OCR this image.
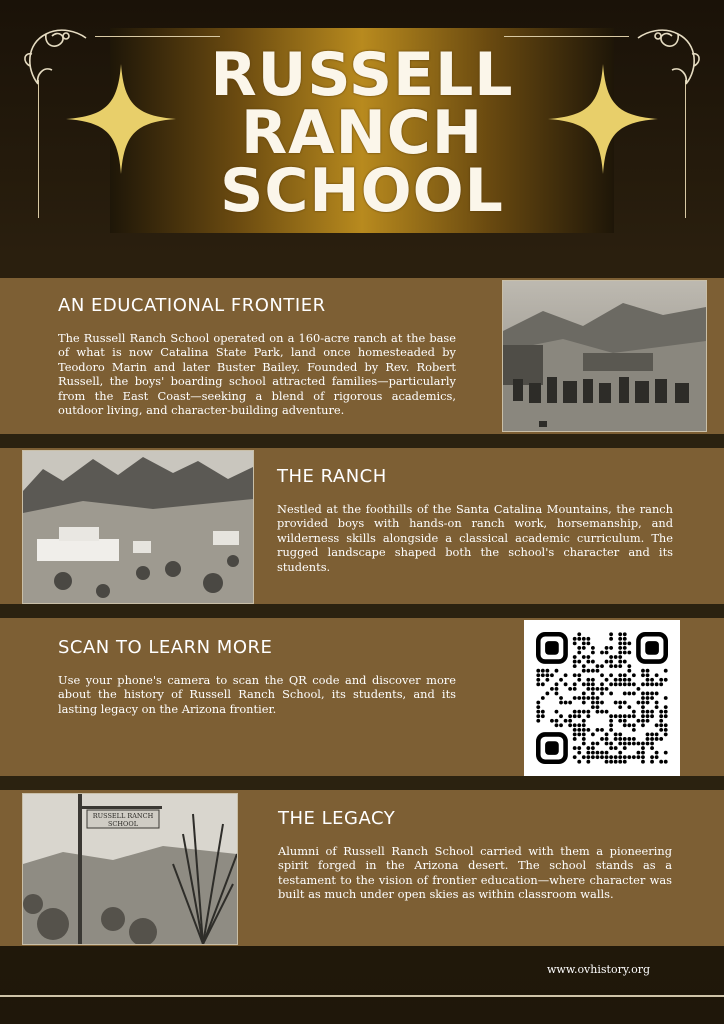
RUSSELL
RANCH
SCHOOL
AN EDUCATIONAL FRONTIER

The Russell Ranch School operated on a 160-acre ranch at the base of what is now Catalina State Park, land once homesteaded by Teodoro Marin and later Buster Bailey. Founded by Rev. Robert Russell, the boys' boarding school attracted families—particularly from the East Coast—seeking a blend of rigorous academics, outdoor living, and character-building adventure.

THE RANCH

Nestled at the foothills of the Santa Catalina Mountains, the ranch provided boys with hands-on ranch work, horsemanship, and wilderness skills alongside a classical academic curriculum. The rugged landscape shaped both the school's character and its students.

SCAN TO LEARN MORE

Use your phone's camera to scan the QR code and discover more about the history of Russell Ranch School, its students, and its lasting legacy on the Arizona frontier.

RUSSELL RANCH
SCHOOL	THE LEGACY

Alumni of Russell Ranch School carried with them a pioneering spirit forged in the Arizona desert. The school stands as a testament to the vision of frontier education—where character was built as much under open skies as within classroom walls.

www.ovhistory.org
